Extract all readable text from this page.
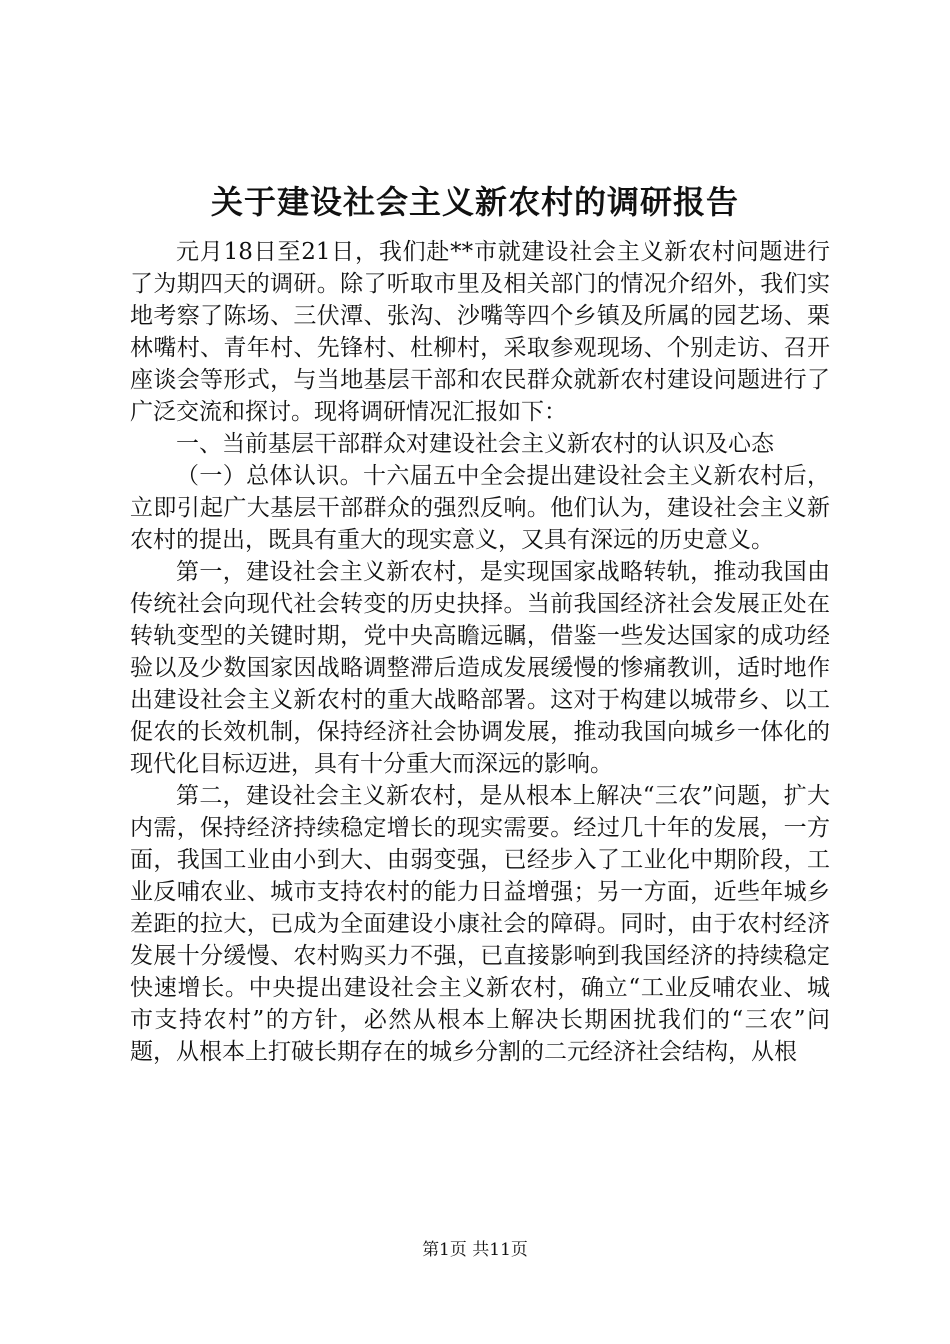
关于建设社会主义新农村的调研报告

元月18日至21日，我们赴**市就建设社会主义新农村问题进行了为期四天的调研。除了听取市里及相关部门的情况介绍外，我们实地考察了陈场、三伏潭、张沟、沙嘴等四个乡镇及所属的园艺场、栗林嘴村、青年村、先锋村、杜柳村，采取参观现场、个别走访、召开座谈会等形式，与当地基层干部和农民群众就新农村建设问题进行了广泛交流和探讨。现将调研情况汇报如下：

一、当前基层干部群众对建设社会主义新农村的认识及心态

（一）总体认识。十六届五中全会提出建设社会主义新农村后，立即引起广大基层干部群众的强烈反响。他们认为，建设社会主义新农村的提出，既具有重大的现实意义，又具有深远的历史意义。

第一，建设社会主义新农村，是实现国家战略转轨，推动我国由传统社会向现代社会转变的历史抉择。当前我国经济社会发展正处在转轨变型的关键时期，党中央高瞻远瞩，借鉴一些发达国家的成功经验以及少数国家因战略调整滞后造成发展缓慢的惨痛教训，适时地作出建设社会主义新农村的重大战略部署。这对于构建以城带乡、以工促农的长效机制，保持经济社会协调发展，推动我国向城乡一体化的现代化目标迈进，具有十分重大而深远的影响。

第二，建设社会主义新农村，是从根本上解决“三农”问题，扩大内需，保持经济持续稳定增长的现实需要。经过几十年的发展，一方面，我国工业由小到大、由弱变强，已经步入了工业化中期阶段，工业反哺农业、城市支持农村的能力日益增强；另一方面，近些年城乡差距的拉大，已成为全面建设小康社会的障碍。同时，由于农村经济发展十分缓慢、农村购买力不强，已直接影响到我国经济的持续稳定快速增长。中央提出建设社会主义新农村，确立“工业反哺农业、城市支持农村”的方针，必然从根本上解决长期困扰我们的“三农”问题，从根本上打破长期存在的城乡分割的二元经济社会结构，从根

第1页 共11页
